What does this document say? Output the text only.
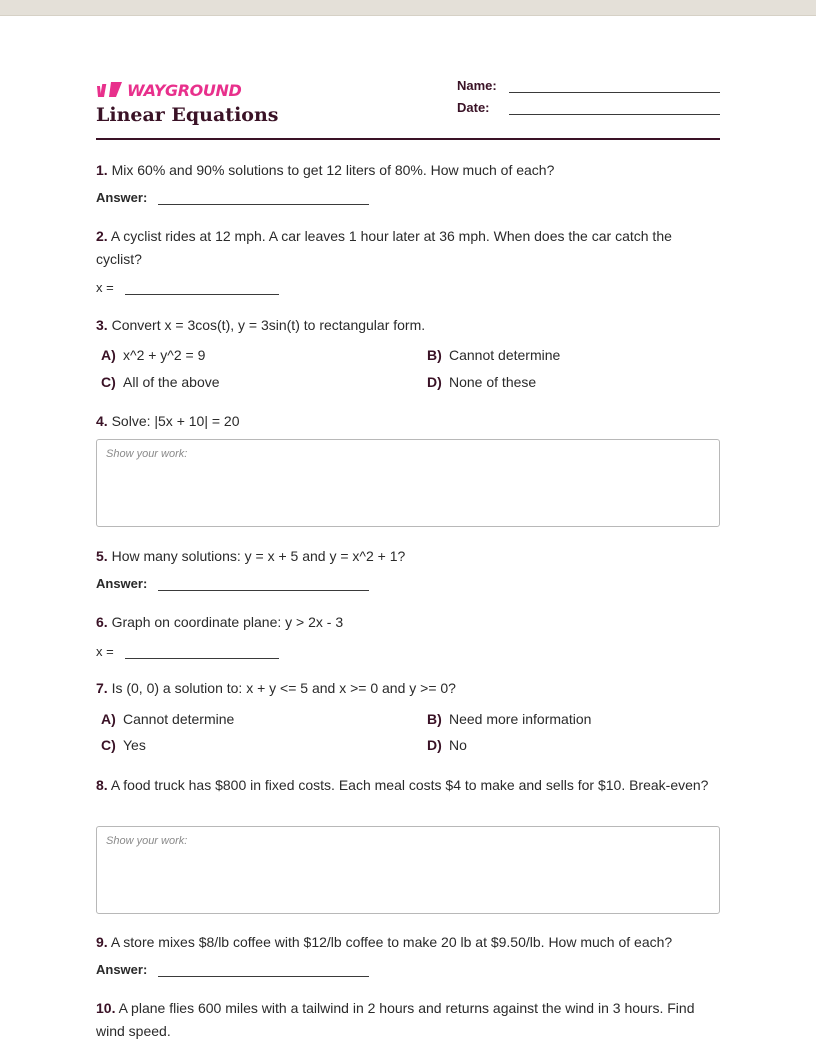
WAYGROUND
Linear Equations
Name:
Date:
1. Mix 60% and 90% solutions to get 12 liters of 80%. How much of each?
Answer:
2. A cyclist rides at 12 mph. A car leaves 1 hour later at 36 mph. When does the car catch the cyclist?
x =
3. Convert x = 3cos(t), y = 3sin(t) to rectangular form.
A) x^2 + y^2 = 9	B) Cannot determine
C) All of the above	D) None of these
4. Solve: |5x + 10| = 20
Show your work:
5. How many solutions: y = x + 5 and y = x^2 + 1?
Answer:
6. Graph on coordinate plane: y > 2x - 3
x =
7. Is (0, 0) a solution to: x + y <= 5 and x >= 0 and y >= 0?
A) Cannot determine	B) Need more information
C) Yes	D) No
8. A food truck has $800 in fixed costs. Each meal costs $4 to make and sells for $10. Break-even?
Show your work:
9. A store mixes $8/lb coffee with $12/lb coffee to make 20 lb at $9.50/lb. How much of each?
Answer:
10. A plane flies 600 miles with a tailwind in 2 hours and returns against the wind in 3 hours. Find wind speed.
